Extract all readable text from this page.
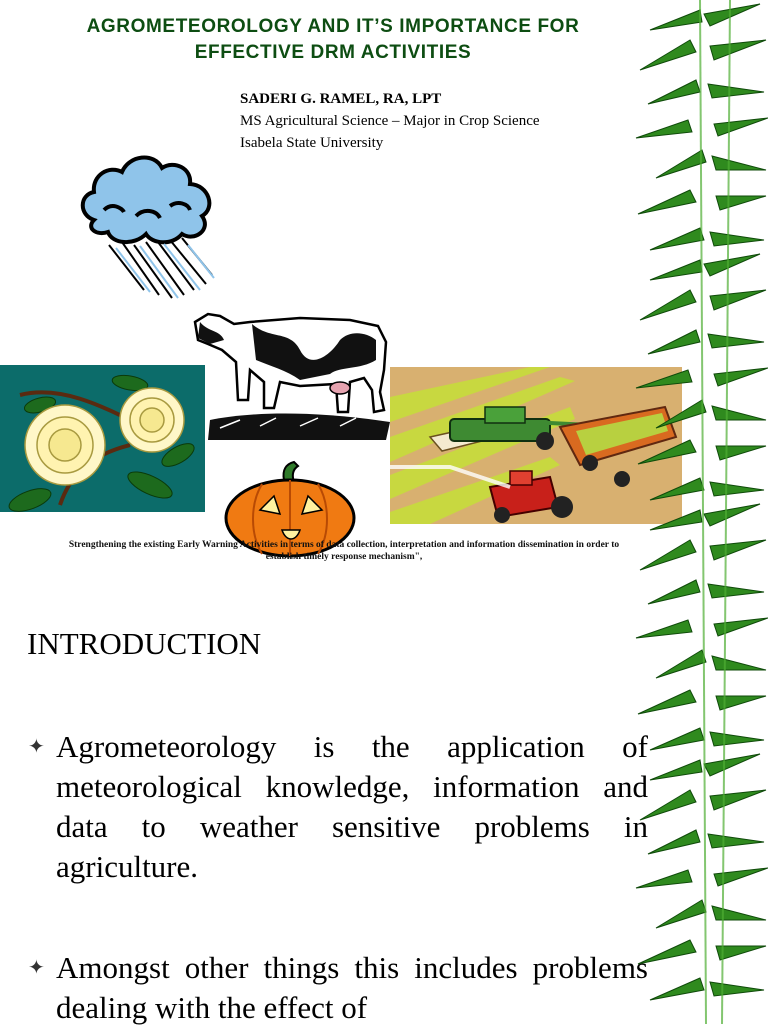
AGROMETEOROLOGY AND IT’S IMPORTANCE FOR
EFFECTIVE DRM ACTIVITIES
SADERI G. RAMEL, RA, LPT
MS Agricultural Science – Major in Crop Science
Isabela State University
Strengthening the existing Early Warning Activities in terms of data collection, interpretation and information dissemination in order to
establish timely response mechanism",
INTRODUCTION
✦ Agrometeorology is the application of meteorological knowledge, information and data to weather sensitive problems in agriculture.
✦ Amongst other things this includes problems dealing with the effect of
